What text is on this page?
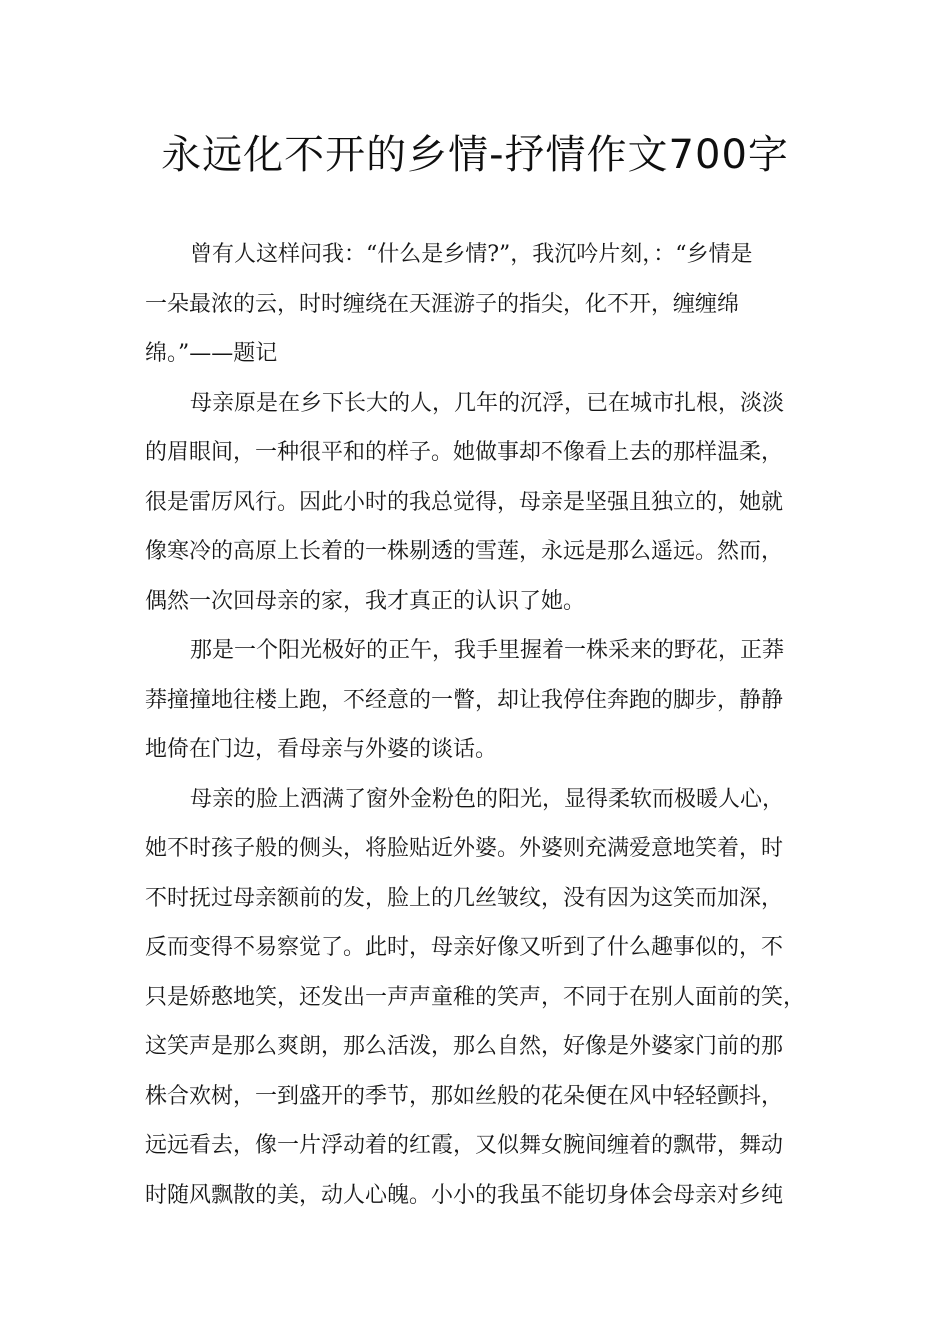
永远化不开的乡情-抒情作文700字
曾有人这样问我：“什么是乡情?”，我沉吟片刻，：“乡情是
一朵最浓的云，时时缠绕在天涯游子的指尖，化不开，缠缠绵
绵。”——题记
母亲原是在乡下长大的人，几年的沉浮，已在城市扎根，淡淡
的眉眼间，一种很平和的样子。她做事却不像看上去的那样温柔，
很是雷厉风行。因此小时的我总觉得，母亲是坚强且独立的，她就
像寒冷的高原上长着的一株剔透的雪莲，永远是那么遥远。然而，
偶然一次回母亲的家，我才真正的认识了她。
那是一个阳光极好的正午，我手里握着一株采来的野花，正莽
莽撞撞地往楼上跑，不经意的一瞥，却让我停住奔跑的脚步，静静
地倚在门边，看母亲与外婆的谈话。
母亲的脸上洒满了窗外金粉色的阳光，显得柔软而极暖人心，
她不时孩子般的侧头，将脸贴近外婆。外婆则充满爱意地笑着，时
不时抚过母亲额前的发，脸上的几丝皱纹，没有因为这笑而加深，
反而变得不易察觉了。此时，母亲好像又听到了什么趣事似的，不
只是娇憨地笑，还发出一声声童稚的笑声，不同于在别人面前的笑，
这笑声是那么爽朗，那么活泼，那么自然，好像是外婆家门前的那
株合欢树，一到盛开的季节，那如丝般的花朵便在风中轻轻颤抖，
远远看去，像一片浮动着的红霞，又似舞女腕间缠着的飘带，舞动
时随风飘散的美，动人心魄。小小的我虽不能切身体会母亲对乡纯
